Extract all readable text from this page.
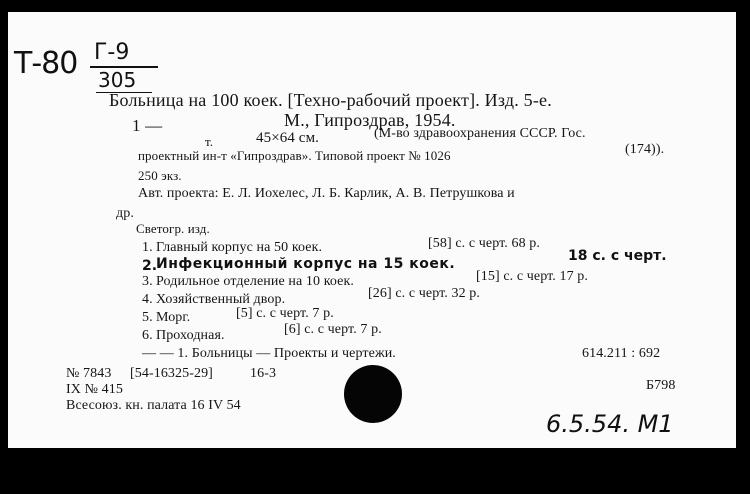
Т-80 Г-9
305
Больница на 100 коек. [Техно-рабочий проект]. Изд. 5-е.
М., Гипроздрав, 1954.
1 —
т.	45×64 см.	(М-во здравоохранения СССР. Гос.
проектный ин-т «Гипроздрав». Типовой проект № 1026	(174)).
250 экз.
Авт. проекта: Е. Л. Иохелес, Л. Б. Карлик, А. В. Петрушкова и
др.
Светогр. изд.
1. Главный корпус на 50 коек.	[58] с. с черт. 68 р.
2.
Инфекционный корпус на 15 коек.	18 с. с черт.
3. Родильное отделение на 10 коек.	[15] с. с черт. 17 р.
4. Хозяйственный двор.	[26] с. с черт. 32 р.
5. Морг.	[5] с. с черт. 7 р.
6. Проходная.	[6] с. с черт. 7 р.
— — 1. Больницы — Проекты и чертежи.	614.211 : 692
№ 7843 [54-16325-29]	16-3
IX № 415	Б798
Всесоюз. кн. палата 16 IV 54
6.5.54. М1
